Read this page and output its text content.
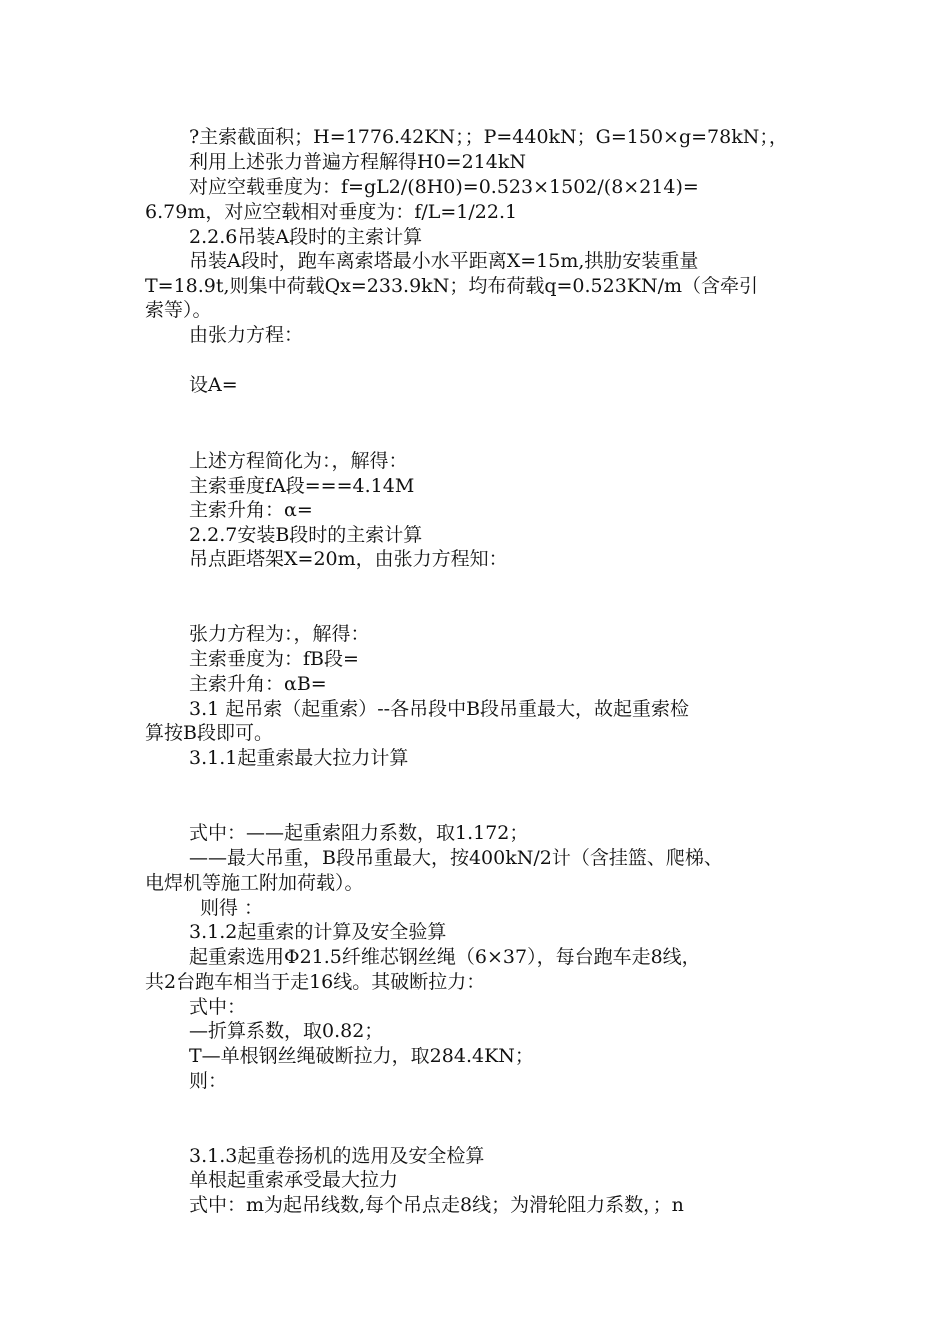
?主索截面积；H=1776.42KN；；P=440kN；G=150×g=78kN；，
利用上述张力普遍方程解得H0=214kN
对应空载垂度为：f=gL2/(8H0)=0.523×1502/(8×214)=
6.79m，对应空载相对垂度为：f/L=1/22.1
2.2.6吊装A段时的主索计算
吊装A段时，跑车离索塔最小水平距离X=15m,拱肋安装重量
T=18.9t,则集中荷载Qx=233.9kN；均布荷载q=0.523KN/m（含牵引
索等）。
由张力方程：
设A=
上述方程简化为：，解得：
主索垂度fA段===4.14M
主索升角：α=
2.2.7安装B段时的主索计算
吊点距塔架X=20m，由张力方程知：
张力方程为：，解得：
主索垂度为：fB段=
主索升角：αB=
3.1 起吊索（起重索）--各吊段中B段吊重最大，故起重索检
算按B段即可。
3.1.1起重索最大拉力计算
式中：——起重索阻力系数，取1.172；
——最大吊重，B段吊重最大，按400kN/2计（含挂篮、爬梯、
电焊机等施工附加荷载）。
则得 ：
3.1.2起重索的计算及安全验算
起重索选用Φ21.5纤维芯钢丝绳（6×37），每台跑车走8线，
共2台跑车相当于走16线。其破断拉力：
式中：
—折算系数，取0.82；
T—单根钢丝绳破断拉力，取284.4KN；
则：
3.1.3起重卷扬机的选用及安全检算
单根起重索承受最大拉力
式中：m为起吊线数,每个吊点走8线；为滑轮阻力系数，；n
